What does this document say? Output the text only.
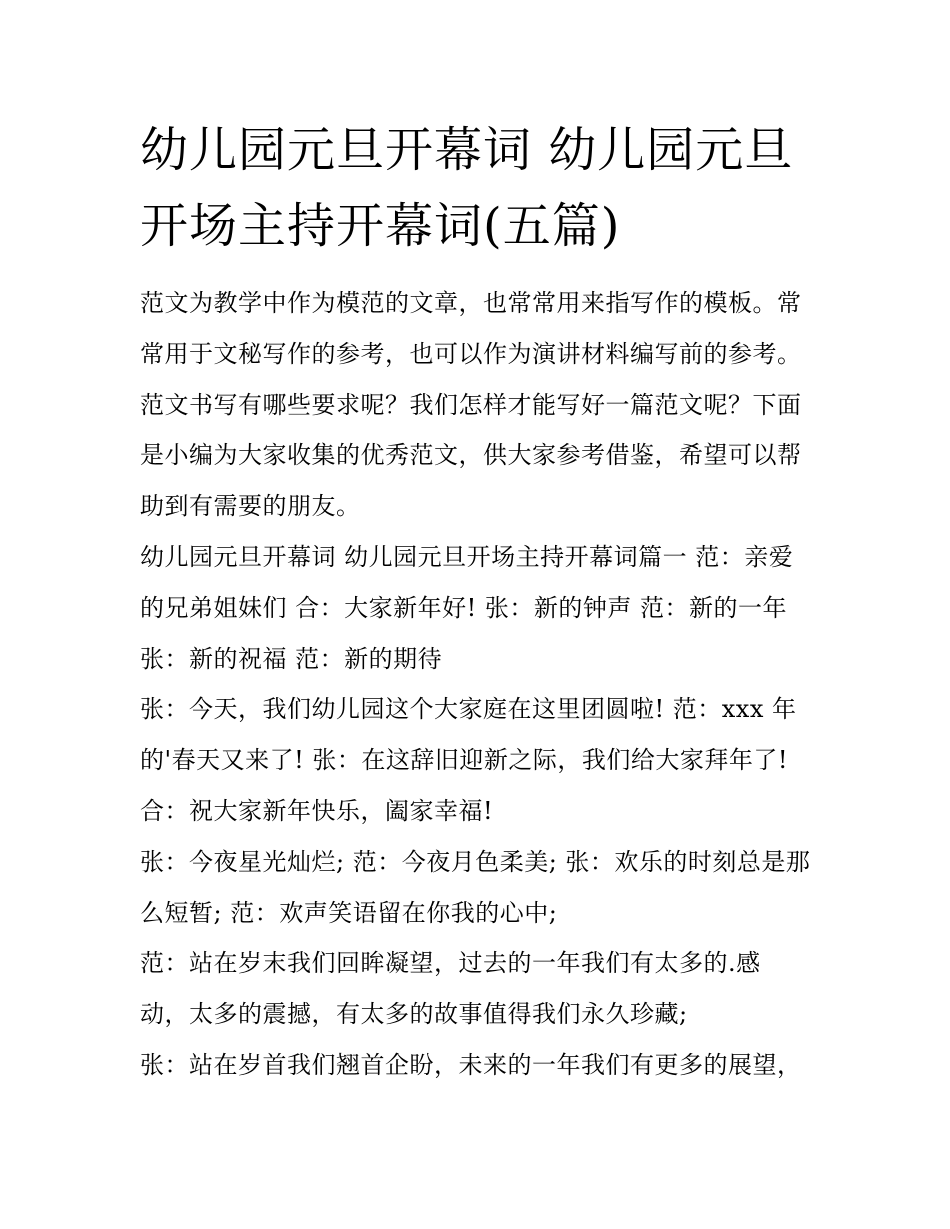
幼儿园元旦开幕词 幼儿园元旦
开场主持开幕词(五篇)
范文为教学中作为模范的文章，也常常用来指写作的模板。常
常用于文秘写作的参考，也可以作为演讲材料编写前的参考。
范文书写有哪些要求呢？我们怎样才能写好一篇范文呢？下面
是小编为大家收集的优秀范文，供大家参考借鉴，希望可以帮
助到有需要的朋友。
幼儿园元旦开幕词 幼儿园元旦开场主持开幕词篇一 范：亲爱
的兄弟姐妹们 合：大家新年好! 张：新的钟声 范：新的一年
张：新的祝福 范：新的期待
张：今天，我们幼儿园这个大家庭在这里团圆啦! 范：xxx 年
的'春天又来了! 张：在这辞旧迎新之际，我们给大家拜年了!
合：祝大家新年快乐，阖家幸福!
张：今夜星光灿烂; 范：今夜月色柔美; 张：欢乐的时刻总是那
么短暂; 范：欢声笑语留在你我的心中;
范：站在岁末我们回眸凝望，过去的一年我们有太多的.感
动，太多的震撼，有太多的故事值得我们永久珍藏;
张：站在岁首我们翘首企盼，未来的一年我们有更多的展望，
